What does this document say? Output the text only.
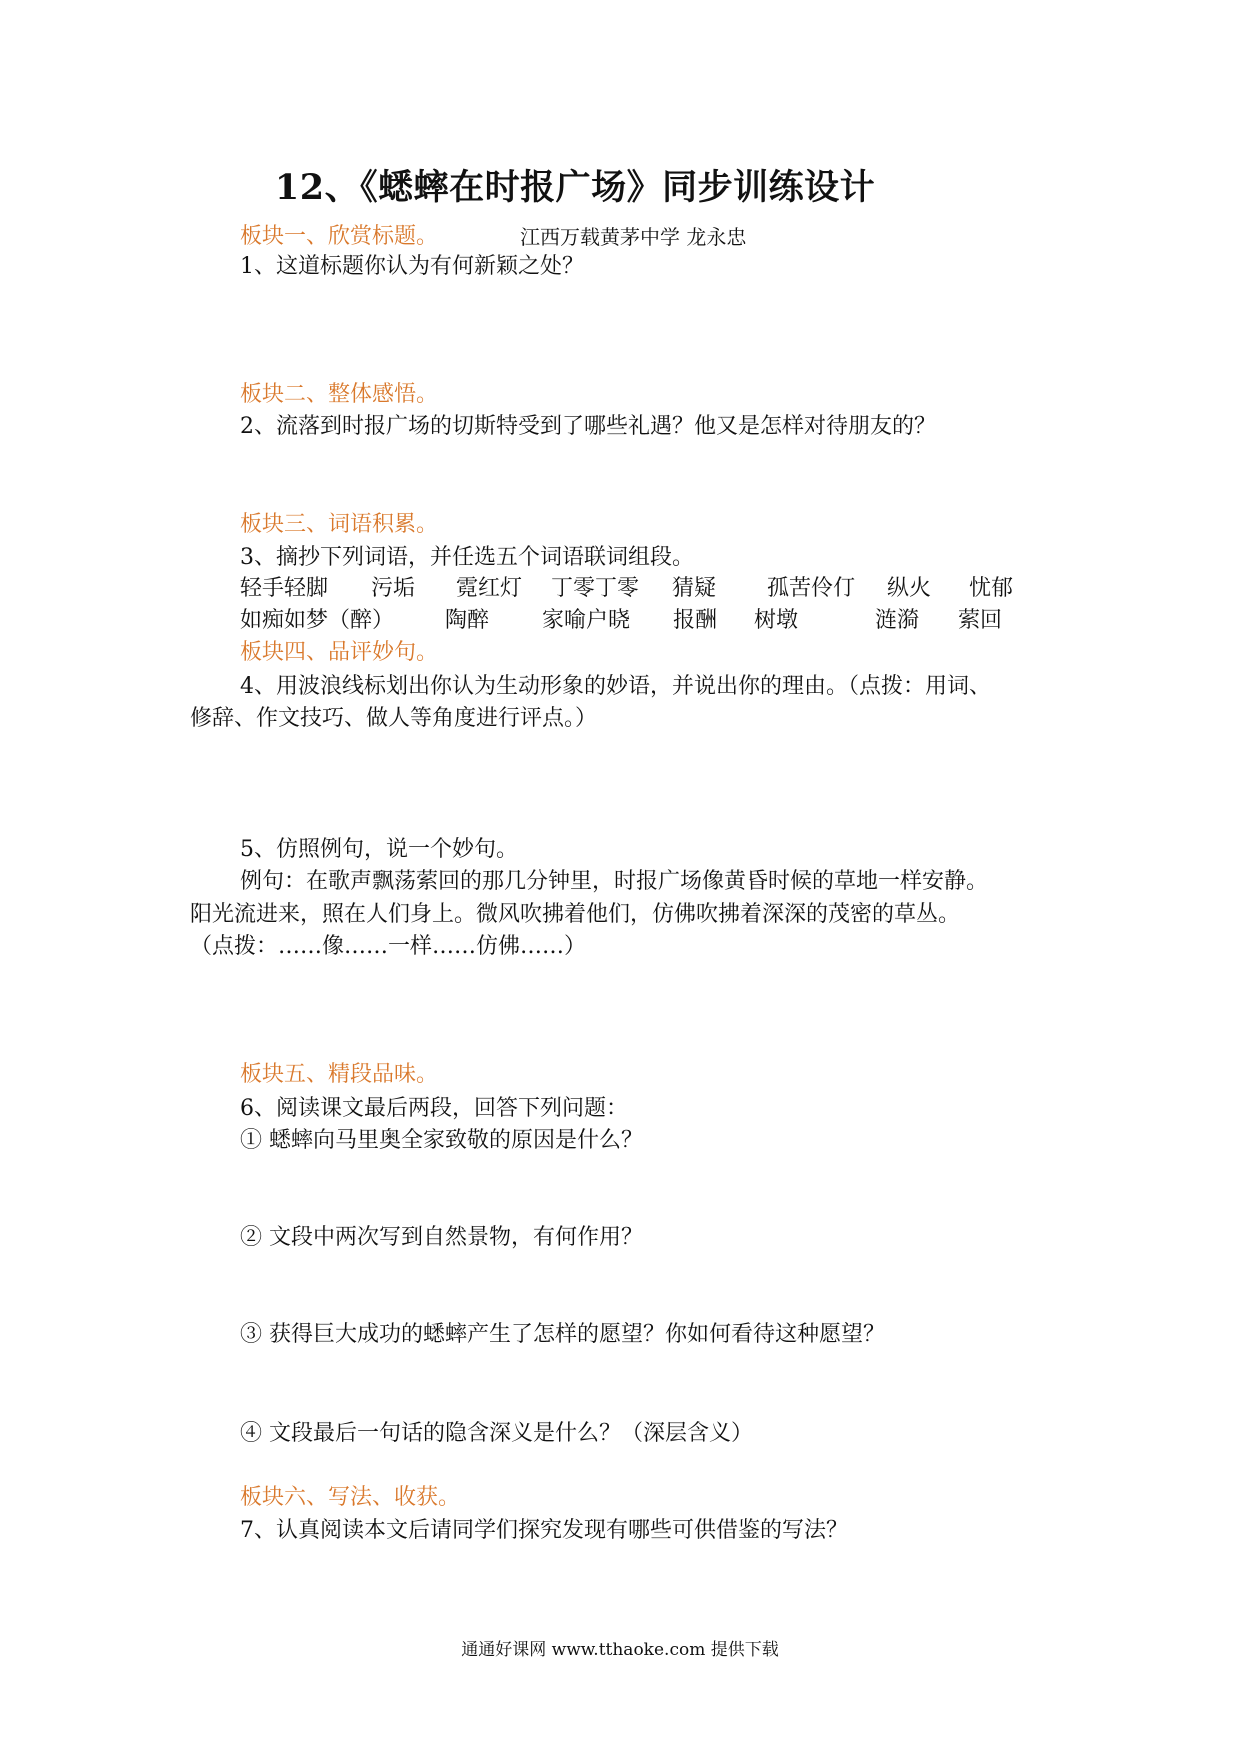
12、《蟋蟀在时报广场》同步训练设计
江西万载黄茅中学 龙永忠
板块一、欣赏标题。
1、这道标题你认为有何新颖之处？
板块二、整体感悟。
2、流落到时报广场的切斯特受到了哪些礼遇？他又是怎样对待朋友的？
板块三、词语积累。
3、摘抄下列词语，并任选五个词语联词组段。
轻手轻脚 污垢 霓红灯 丁零丁零 猜疑 孤苦伶仃 纵火 忧郁
如痴如梦（醉） 陶醉 家喻户晓 报酬 树墩	涟漪 萦回
板块四、品评妙句。
4、用波浪线标划出你认为生动形象的妙语，并说出你的理由。（点拨：用词、
修辞、作文技巧、做人等角度进行评点。）
5、仿照例句，说一个妙句。
例句：在歌声飘荡萦回的那几分钟里，时报广场像黄昏时候的草地一样安静。
阳光流进来，照在人们身上。微风吹拂着他们，仿佛吹拂着深深的茂密的草丛。
（点拨：……像……一样……仿佛……）
板块五、精段品味。
6、阅读课文最后两段，回答下列问题：
① 蟋蟀向马里奥全家致敬的原因是什么？
② 文段中两次写到自然景物，有何作用？
③ 获得巨大成功的蟋蟀产生了怎样的愿望？你如何看待这种愿望？
④ 文段最后一句话的隐含深义是什么？（深层含义）
板块六、写法、收获。
7、认真阅读本文后请同学们探究发现有哪些可供借鉴的写法？
通通好课网 www.tthaoke.com 提供下载
